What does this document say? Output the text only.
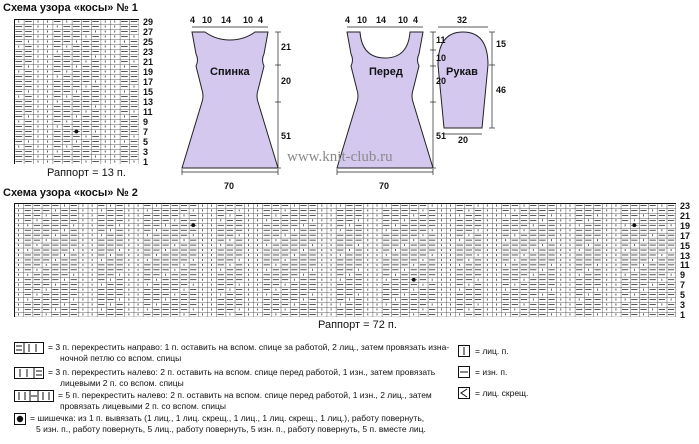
Схема узора «косы» № 1
29
27
25
23
21
19
17
15
13
11
9
7
5
3
1
Раппорт = 13 п.
Спинка
4 10 14 10 4
21
20
51
70
Перед
4 10 14 10 4
11
10
20
51
70
Рукав
32
15
46
20
www.knit-club.ru
Схема узора «косы» № 2
23
21
19
17
15
13
11
9
7
5
3
1
Раппорт = 72 п.
= 3 п. перекрестить направо: 1 п. оставить на вспом. спице за работой, 2 лиц., затем провязать изна-
ночной петлю со вспом. спицы
= 3 п. перекрестить налево: 2 п. оставить на вспом. спице перед работой, 1 изн., затем провязать
лицевыми 2 п. со вспом. спицы
= 5 п. перекрестить налево: 2 п. оставить на вспом. спице перед работой, 1 изн., 2 лиц., затем
провязать лицевыми 2 п. со вспом. спицы
= шишечка: из 1 п. вывязать (1 лиц., 1 лиц. скрещ., 1 лиц., 1 лиц. скрещ., 1 лиц.), работу повернуть,
5 изн. п., работу повернуть, 5 лиц., работу повернуть, 5 изн. п., работу повернуть, 5 п. вместе лиц.
= лиц. п.
= изн. п.
= лиц. скрещ.
